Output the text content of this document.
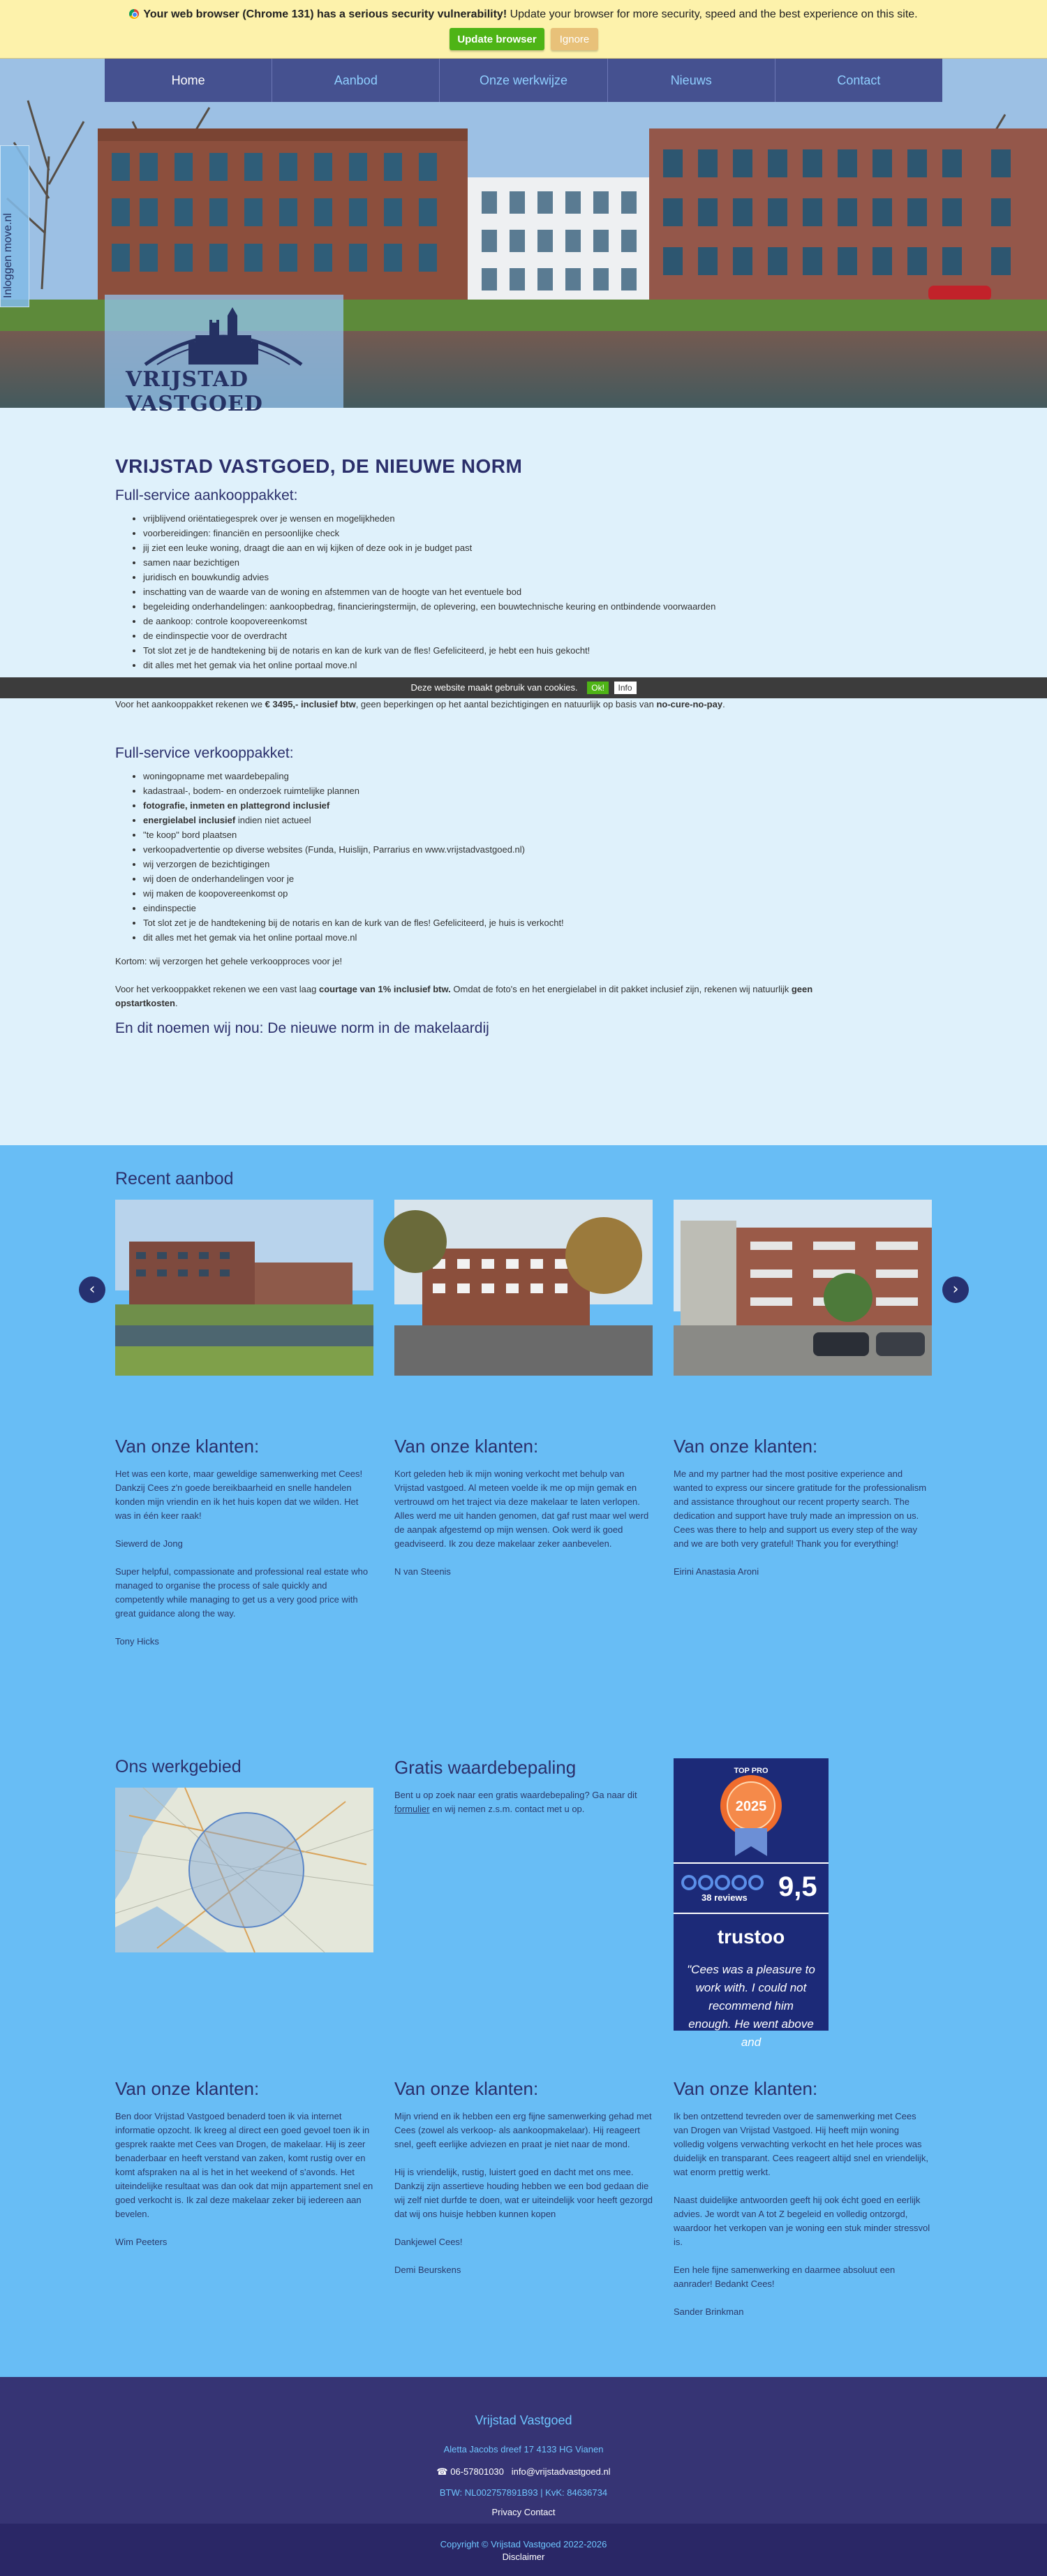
Your web browser (Chrome 131) has a serious security vulnerability! Update your browser for more security, speed and the best experience on this site.
Update browser	Ignore
Home	Aanbod	Onze werkwijze	Nieuws	Contact
Inloggen move.nl
VRIJSTAD VASTGOED
VRIJSTAD VASTGOED, DE NIEUWE NORM
Full-service aankooppakket:
• vrijblijvend oriëntatiegesprek over je wensen en mogelijkheden
• voorbereidingen: financiën en persoonlijke check
• jij ziet een leuke woning, draagt die aan en wij kijken of deze ook in je budget past
• samen naar bezichtigen
• juridisch en bouwkundig advies
• inschatting van de waarde van de woning en afstemmen van de hoogte van het eventuele bod
• begeleiding onderhandelingen: aankoopbedrag, financieringstermijn, de oplevering, een bouwtechnische keuring en ontbindende voorwaarden
• de aankoop: controle koopovereenkomst
• de eindinspectie voor de overdracht
• Tot slot zet je de handtekening bij de notaris en kan de kurk van de fles! Gefeliciteerd, je hebt een huis gekocht!
• dit alles met het gemak via het online portaal move.nl

Voor het aankooppakket rekenen we € 3495,- inclusief btw, geen beperkingen op het aantal bezichtigingen en natuurlijk op basis van no-cure-no-pay.

Full-service verkooppakket:
• woningopname met waardebepaling
• kadastraal-, bodem- en onderzoek ruimtelijke plannen
• fotografie, inmeten en plattegrond inclusief
• energielabel inclusief indien niet actueel
• "te koop" bord plaatsen
• verkoopadvertentie op diverse websites (Funda, Huislijn, Parrarius en www.vrijstadvastgoed.nl)
• wij verzorgen de bezichtigingen
• wij doen de onderhandelingen voor je
• wij maken de koopovereenkomst op
• eindinspectie
• Tot slot zet je de handtekening bij de notaris en kan de kurk van de fles! Gefeliciteerd, je huis is verkocht!
• dit alles met het gemak via het online portaal move.nl

Kortom: wij verzorgen het gehele verkoopproces voor je!

Voor het verkooppakket rekenen we een vast laag courtage van 1% inclusief btw. Omdat de foto's en het energielabel in dit pakket inclusief zijn, rekenen wij natuurlijk geen opstartkosten.

En dit noemen wij nou: De nieuwe norm in de makelaardij
Deze website maakt gebruik van cookies. Ok! Info
Recent aanbod
‹	›
Van onze klanten:

Het was een korte, maar geweldige samenwerking met Cees! Dankzij Cees z'n goede bereikbaarheid en snelle handelen konden mijn vriendin en ik het huis kopen dat we wilden. Het was in één keer raak!

Siewerd de Jong

Super helpful, compassionate and professional real estate who managed to organise the process of sale quickly and competently while managing to get us a very good price with great guidance along the way.

Tony Hicks

Van onze klanten:

Kort geleden heb ik mijn woning verkocht met behulp van Vrijstad vastgoed. Al meteen voelde ik me op mijn gemak en vertrouwd om het traject via deze makelaar te laten verlopen. Alles werd me uit handen genomen, dat gaf rust maar wel werd de aanpak afgestemd op mijn wensen. Ook werd ik goed geadviseerd. Ik zou deze makelaar zeker aanbevelen.

N van Steenis

Van onze klanten:

Me and my partner had the most positive experience and wanted to express our sincere gratitude for the professionalism and assistance throughout our recent property search. The dedication and support have truly made an impression on us. Cees was there to help and support us every step of the way and we are both very grateful! Thank you for everything!

Eirini Anastasia Aroni

Ons werkgebied	Gratis waardebepaling

Bent u op zoek naar een gratis waardebepaling? Ga naar dit formulier en wij nemen z.s.m. contact met u op.

TOP PRO
2025
38 reviews 9,5
trustoo
"Cees was a pleasure to work with. I could not recommend him enough. He went above and
Van onze klanten:

Ben door Vrijstad Vastgoed benaderd toen ik via internet informatie opzocht. Ik kreeg al direct een goed gevoel toen ik in gesprek raakte met Cees van Drogen, de makelaar. Hij is zeer benaderbaar en heeft verstand van zaken, komt rustig over en komt afspraken na al is het in het weekend of s'avonds. Het uiteindelijke resultaat was dan ook dat mijn appartement snel en goed verkocht is. Ik zal deze makelaar zeker bij iedereen aan bevelen.

Wim Peeters

Van onze klanten:

Mijn vriend en ik hebben een erg fijne samenwerking gehad met Cees (zowel als verkoop- als aankoopmakelaar). Hij reageert snel, geeft eerlijke adviezen en praat je niet naar de mond.

Hij is vriendelijk, rustig, luistert goed en dacht met ons mee. Dankzij zijn assertieve houding hebben we een bod gedaan die wij zelf niet durfde te doen, wat er uiteindelijk voor heeft gezorgd dat wij ons huisje hebben kunnen kopen

Dankjewel Cees!

Demi Beurskens

Van onze klanten:

Ik ben ontzettend tevreden over de samenwerking met Cees van Drogen van Vrijstad Vastgoed. Hij heeft mijn woning volledig volgens verwachting verkocht en het hele proces was duidelijk en transparant. Cees reageert altijd snel en vriendelijk, wat enorm prettig werkt.

Naast duidelijke antwoorden geeft hij ook écht goed en eerlijk advies. Je wordt van A tot Z begeleid en volledig ontzorgd, waardoor het verkopen van je woning een stuk minder stressvol is.

Een hele fijne samenwerking en daarmee absoluut een aanrader! Bedankt Cees!

Sander Brinkman

Vrijstad Vastgoed
Aletta Jacobs dreef 17 4133 HG Vianen
☎ 06-57801030 info@vrijstadvastgoed.nl
BTW: NL002757891B93 | KvK: 84636734
Privacy Contact
Copyright © Vrijstad Vastgoed 2022-2026
Disclaimer
